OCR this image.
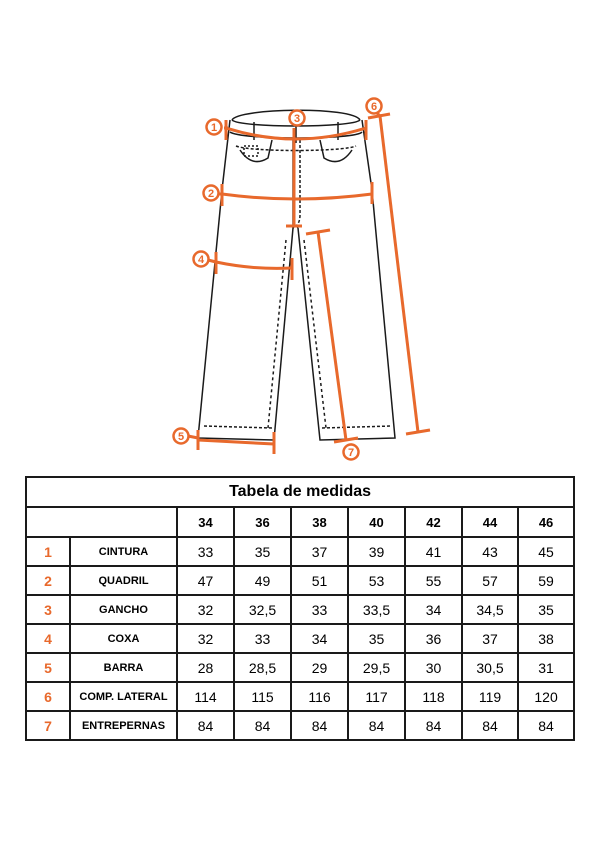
1
2
3
4
5
6
7
Tabela de medidas								
		34	36	38	40	42	44	46
1	CINTURA	33	35	37	39	41	43	45
2	QUADRIL	47	49	51	53	55	57	59
3	GANCHO	32	32,5	33	33,5	34	34,5	35
4	COXA	32	33	34	35	36	37	38
5	BARRA	28	28,5	29	29,5	30	30,5	31
6	COMP. LATERAL	114	115	116	117	118	119	120
7	ENTREPERNAS	84	84	84	84	84	84	84
